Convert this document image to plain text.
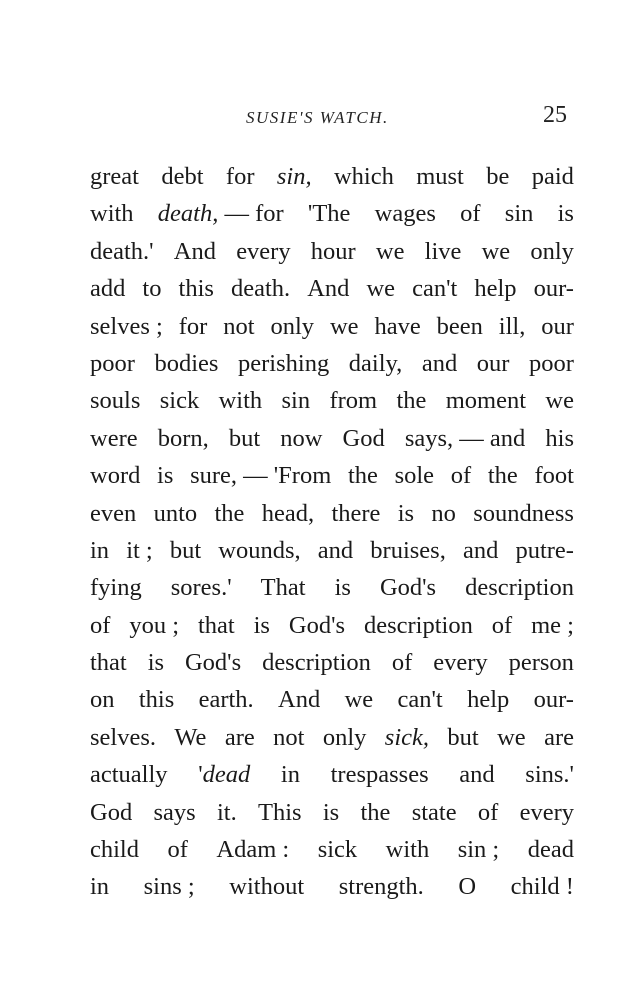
SUSIE'S WATCH.	25
great debt for sin, which must be paid
with death, — for 'The wages of sin is
death.' And every hour we live we only
add to this death. And we can't help our-
selves ; for not only we have been ill, our
poor bodies perishing daily, and our poor
souls sick with sin from the moment we
were born, but now God says, — and his
word is sure, — 'From the sole of the foot
even unto the head, there is no soundness
in it ; but wounds, and bruises, and putre-
fying sores.' That is God's description
of you ; that is God's description of me ;
that is God's description of every person
on this earth. And we can't help our-
selves. We are not only sick, but we are
actually 'dead in trespasses and sins.'
God says it. This is the state of every
child of Adam : sick with sin ; dead
in sins ; without strength. O child !
